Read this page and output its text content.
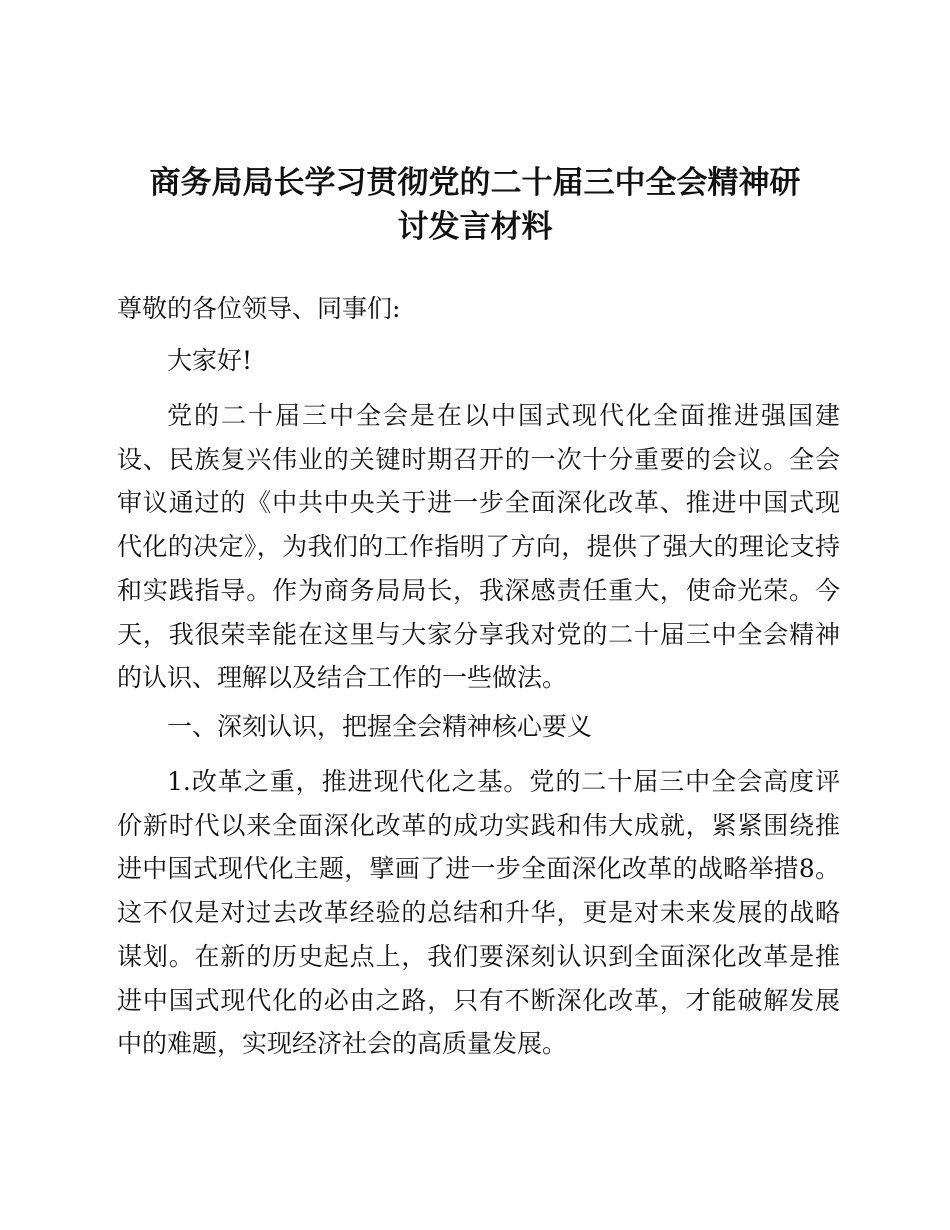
商务局局长学习贯彻党的二十届三中全会精神研
讨发言材料

尊敬的各位领导、同事们:

大家好!

党的二十届三中全会是在以中国式现代化全面推进强国建设、民族复兴伟业的关键时期召开的一次十分重要的会议。全会审议通过的《中共中央关于进一步全面深化改革、推进中国式现代化的决定》，为我们的工作指明了方向，提供了强大的理论支持和实践指导。作为商务局局长，我深感责任重大，使命光荣。今天，我很荣幸能在这里与大家分享我对党的二十届三中全会精神的认识、理解以及结合工作的一些做法。

一、深刻认识，把握全会精神核心要义

1.改革之重，推进现代化之基。党的二十届三中全会高度评价新时代以来全面深化改革的成功实践和伟大成就，紧紧围绕推进中国式现代化主题，擘画了进一步全面深化改革的战略举措8。这不仅是对过去改革经验的总结和升华，更是对未来发展的战略谋划。在新的历史起点上，我们要深刻认识到全面深化改革是推进中国式现代化的必由之路，只有不断深化改革，才能破解发展中的难题，实现经济社会的高质量发展。
